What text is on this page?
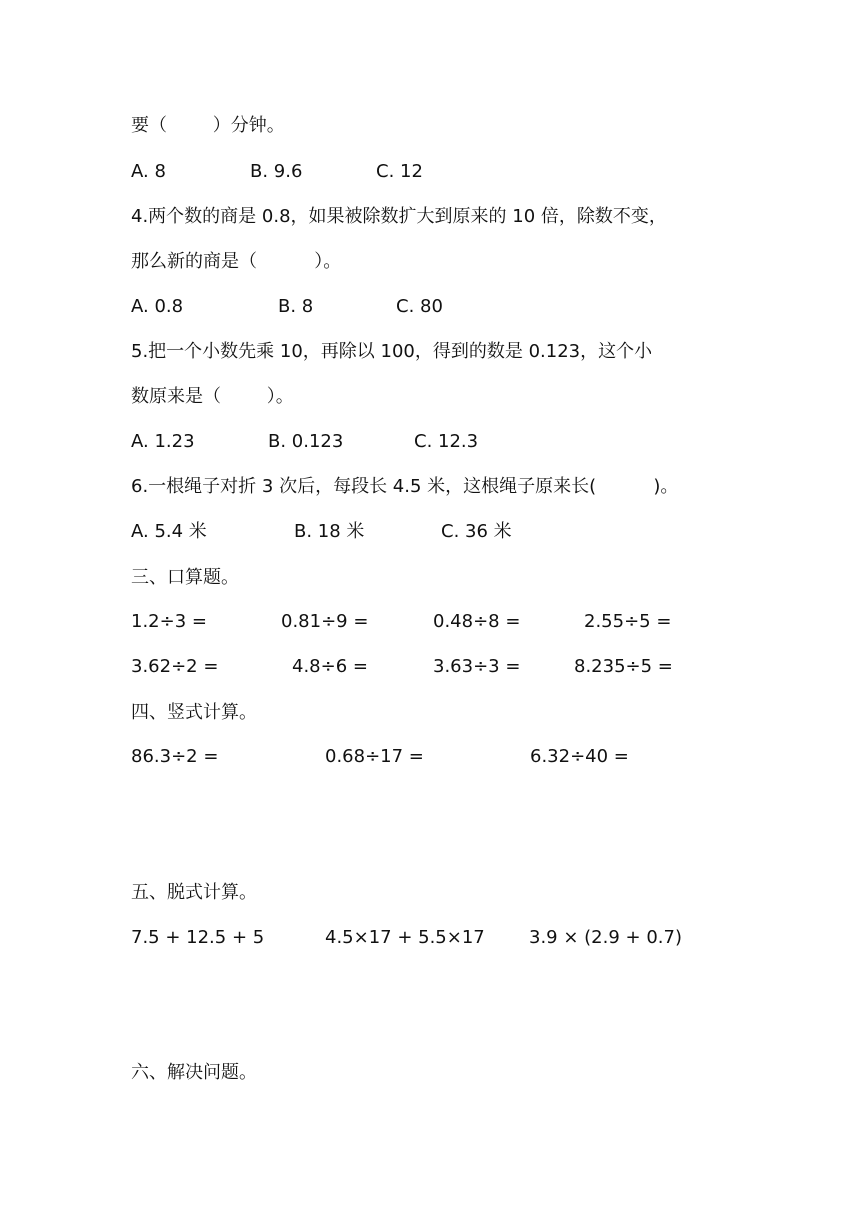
要（        ）分钟。
A. 8	B. 9.6	C. 12
4.两个数的商是 0.8，如果被除数扩大到原来的 10 倍，除数不变，
那么新的商是（          ）。
A. 0.8	B. 8	C. 80
5.把一个小数先乘 10，再除以 100，得到的数是 0.123，这个小
数原来是（        ）。
A. 1.23	B. 0.123	C. 12.3
6.一根绳子对折 3 次后，每段长 4.5 米，这根绳子原来长(          )。
A. 5.4 米	B. 18 米	C. 36 米
三、口算题。
1.2÷3 =	0.81÷9 =	0.48÷8 =	2.55÷5 =
3.62÷2 =	4.8÷6 =	3.63÷3 =	8.235÷5 =
四、竖式计算。
86.3÷2 =	0.68÷17 =	6.32÷40 =
五、脱式计算。
7.5 + 12.5 + 5	4.5×17 + 5.5×17 3.9 × (2.9 + 0.7)
六、解决问题。
